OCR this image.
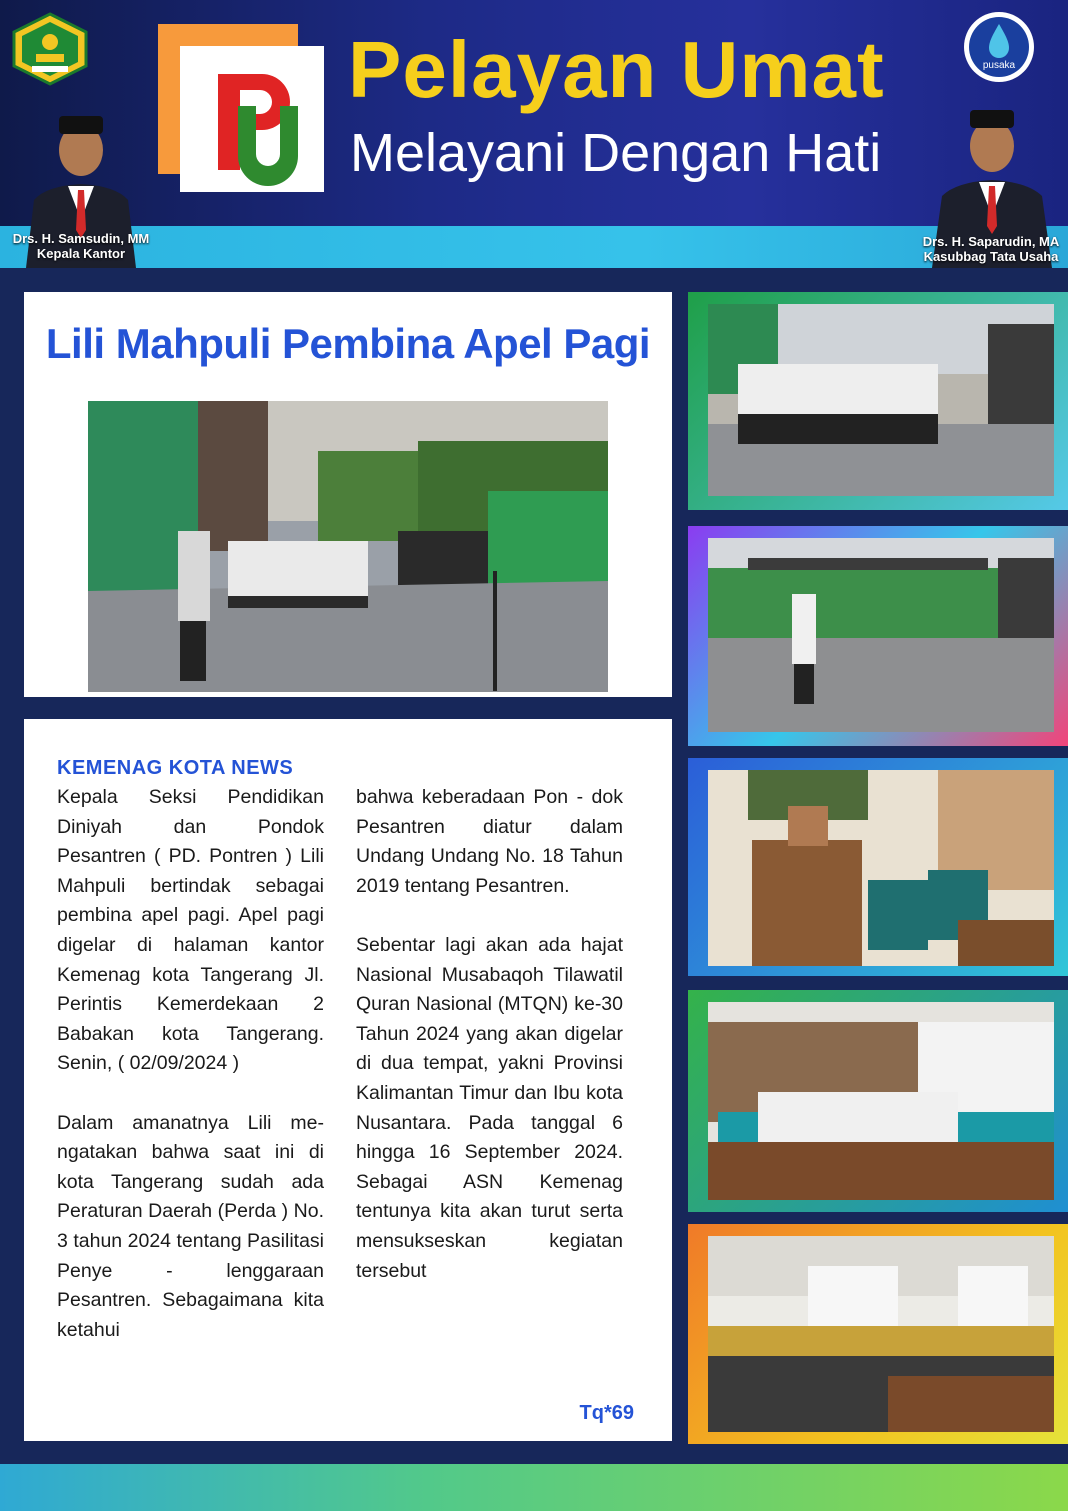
Pelayan Umat
Melayani Dengan Hati
pusaka
Drs. H. Samsudin, MM
Kepala Kantor
Drs. H. Saparudin, MA
Kasubbag Tata Usaha
Lili Mahpuli Pembina Apel Pagi
KEMENAG KOTA NEWS

Kepala Seksi Pendidikan Diniyah dan Pondok Pesantren ( PD. Pontren ) Lili Mahpuli bertindak sebagai pembina apel pagi. Apel pagi digelar di halaman kantor Kemenag kota Tangerang Jl. Perintis Kemerdekaan 2 Babakan kota Tangerang. Senin, ( 02/09/2024 )

Dalam amanatnya Lili me- ngatakan bahwa saat ini di kota Tangerang sudah ada Peraturan Daerah (Perda ) No. 3 tahun 2024 tentang Pasilitasi Penye - lenggaraan Pesantren. Sebagaimana kita ketahui

bahwa keberadaan Pon - dok Pesantren diatur dalam Undang Undang No. 18 Tahun 2019 tentang Pesantren.

Sebentar lagi akan ada hajat Nasional Musabaqoh Tilawatil Quran Nasional (MTQN) ke-30 Tahun 2024 yang akan digelar di dua tempat, yakni Provinsi Kalimantan Timur dan Ibu kota Nusantara. Pada tanggal 6 hingga 16 September 2024. Sebagai ASN Kemenag tentunya kita akan turut serta mensukseskan kegiatan tersebut

Tq*69
